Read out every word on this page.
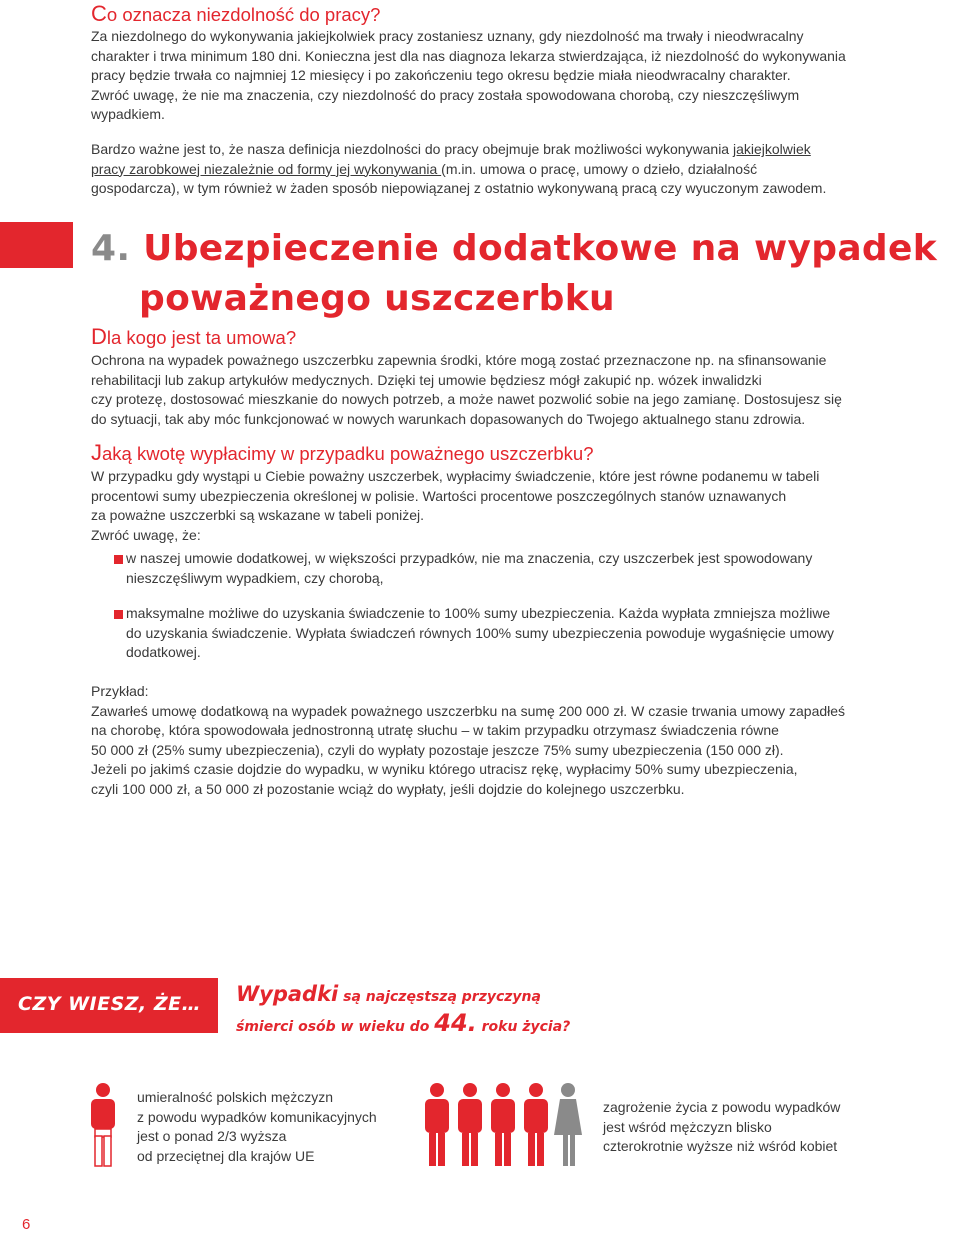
Co oznacza niezdolność do pracy?
Za niezdolnego do wykonywania jakiejkolwiek pracy zostaniesz uznany, gdy niezdolność ma trwały i nieodwracalny
charakter i trwa minimum 180 dni. Konieczna jest dla nas diagnoza lekarza stwierdzająca, iż niezdolność do wykonywania
pracy będzie trwała co najmniej 12 miesięcy i po zakończeniu tego okresu będzie miała nieodwracalny charakter.
Zwróć uwagę, że nie ma znaczenia, czy niezdolność do pracy została spowodowana chorobą, czy nieszczęśliwym
wypadkiem.
Bardzo ważne jest to, że nasza definicja niezdolności do pracy obejmuje brak możliwości wykonywania jakiejkolwiek
pracy zarobkowej niezależnie od formy jej wykonywania (m.in. umowa o pracę, umowy o dzieło, działalność
gospodarcza), w tym również w żaden sposób niepowiązanej z ostatnio wykonywaną pracą czy wyuczonym zawodem.
4. Ubezpieczenie dodatkowe na wypadek
poważnego uszczerbku
Dla kogo jest ta umowa?
Ochrona na wypadek poważnego uszczerbku zapewnia środki, które mogą zostać przeznaczone np. na sfinansowanie
rehabilitacji lub zakup artykułów medycznych. Dzięki tej umowie będziesz mógł zakupić np. wózek inwalidzki
czy protezę, dostosować mieszkanie do nowych potrzeb, a może nawet pozwolić sobie na jego zamianę. Dostosujesz się
do sytuacji, tak aby móc funkcjonować w nowych warunkach dopasowanych do Twojego aktualnego stanu zdrowia.
Jaką kwotę wypłacimy w przypadku poważnego uszczerbku?
W przypadku gdy wystąpi u Ciebie poważny uszczerbek, wypłacimy świadczenie, które jest równe podanemu w tabeli
procentowi sumy ubezpieczenia określonej w polisie. Wartości procentowe poszczególnych stanów uznawanych
za poważne uszczerbki są wskazane w tabeli poniżej.
Zwróć uwagę, że:
w naszej umowie dodatkowej, w większości przypadków, nie ma znaczenia, czy uszczerbek jest spowodowany
nieszczęśliwym wypadkiem, czy chorobą,
maksymalne możliwe do uzyskania świadczenie to 100% sumy ubezpieczenia. Każda wypłata zmniejsza możliwe
do uzyskania świadczenie. Wypłata świadczeń równych 100% sumy ubezpieczenia powoduje wygaśnięcie umowy
dodatkowej.
Przykład:
Zawarłeś umowę dodatkową na wypadek poważnego uszczerbku na sumę 200 000 zł. W czasie trwania umowy zapadłeś
na chorobę, która spowodowała jednostronną utratę słuchu – w takim przypadku otrzymasz świadczenia równe
50 000 zł (25% sumy ubezpieczenia), czyli do wypłaty pozostaje jeszcze 75% sumy ubezpieczenia (150 000 zł).
Jeżeli po jakimś czasie dojdzie do wypadku, w wyniku którego utracisz rękę, wypłacimy 50% sumy ubezpieczenia,
czyli 100 000 zł, a 50 000 zł pozostanie wciąż do wypłaty, jeśli dojdzie do kolejnego uszczerbku.
CZY WIESZ, ŻE… Wypadki są najczęstszą przyczyną
śmierci osób w wieku do 44. roku życia?
umieralność polskich mężczyzn
z powodu wypadków komunikacyjnych
jest o ponad 2/3 wyższa
od przeciętnej dla krajów UE
zagrożenie życia z powodu wypadków
jest wśród mężczyzn blisko
czterokrotnie wyższe niż wśród kobiet
6
